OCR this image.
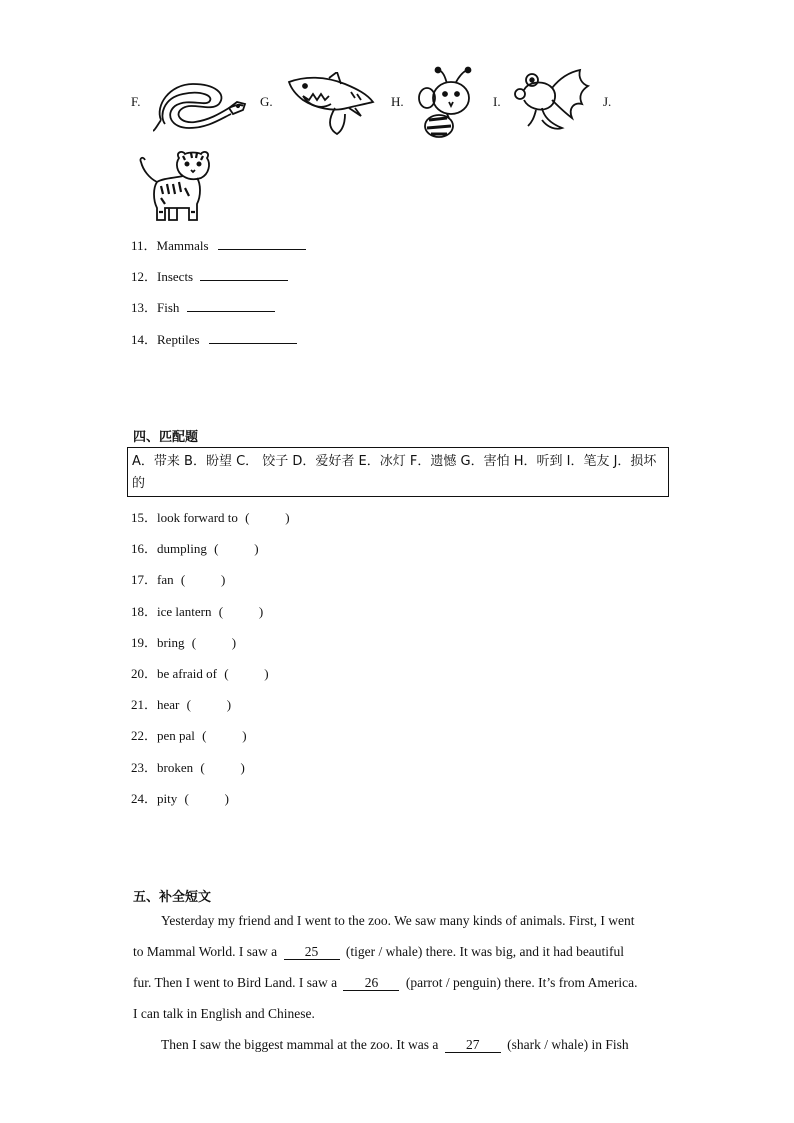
F.	G.	H.	I.	J.
11．Mammals
12．Insects
13．Fish
14．Reptiles
四、匹配题
A．带来 B．盼望 C． 饺子 D．爱好者 E．冰灯 F．遗憾 G．害怕 H．听到 I．笔友 J．损坏的
15．look forward to (           )
16．dumpling (           )
17．fan (           )
18．ice lantern (           )
19．bring (           )
20．be afraid of (           )
21．hear (           )
22．pen pal (           )
23．broken (           )
24．pity (           )
五、补全短文
Yesterday my friend and I went to the zoo. We saw many kinds of animals. First, I went
to Mammal World. I saw a 25 (tiger / whale) there. It was big, and it had beautiful
fur. Then I went to Bird Land. I saw a 26 (parrot / penguin) there. It’s from America.
I can talk in English and Chinese.
Then I saw the biggest mammal at the zoo. It was a 27 (shark / whale) in Fish
